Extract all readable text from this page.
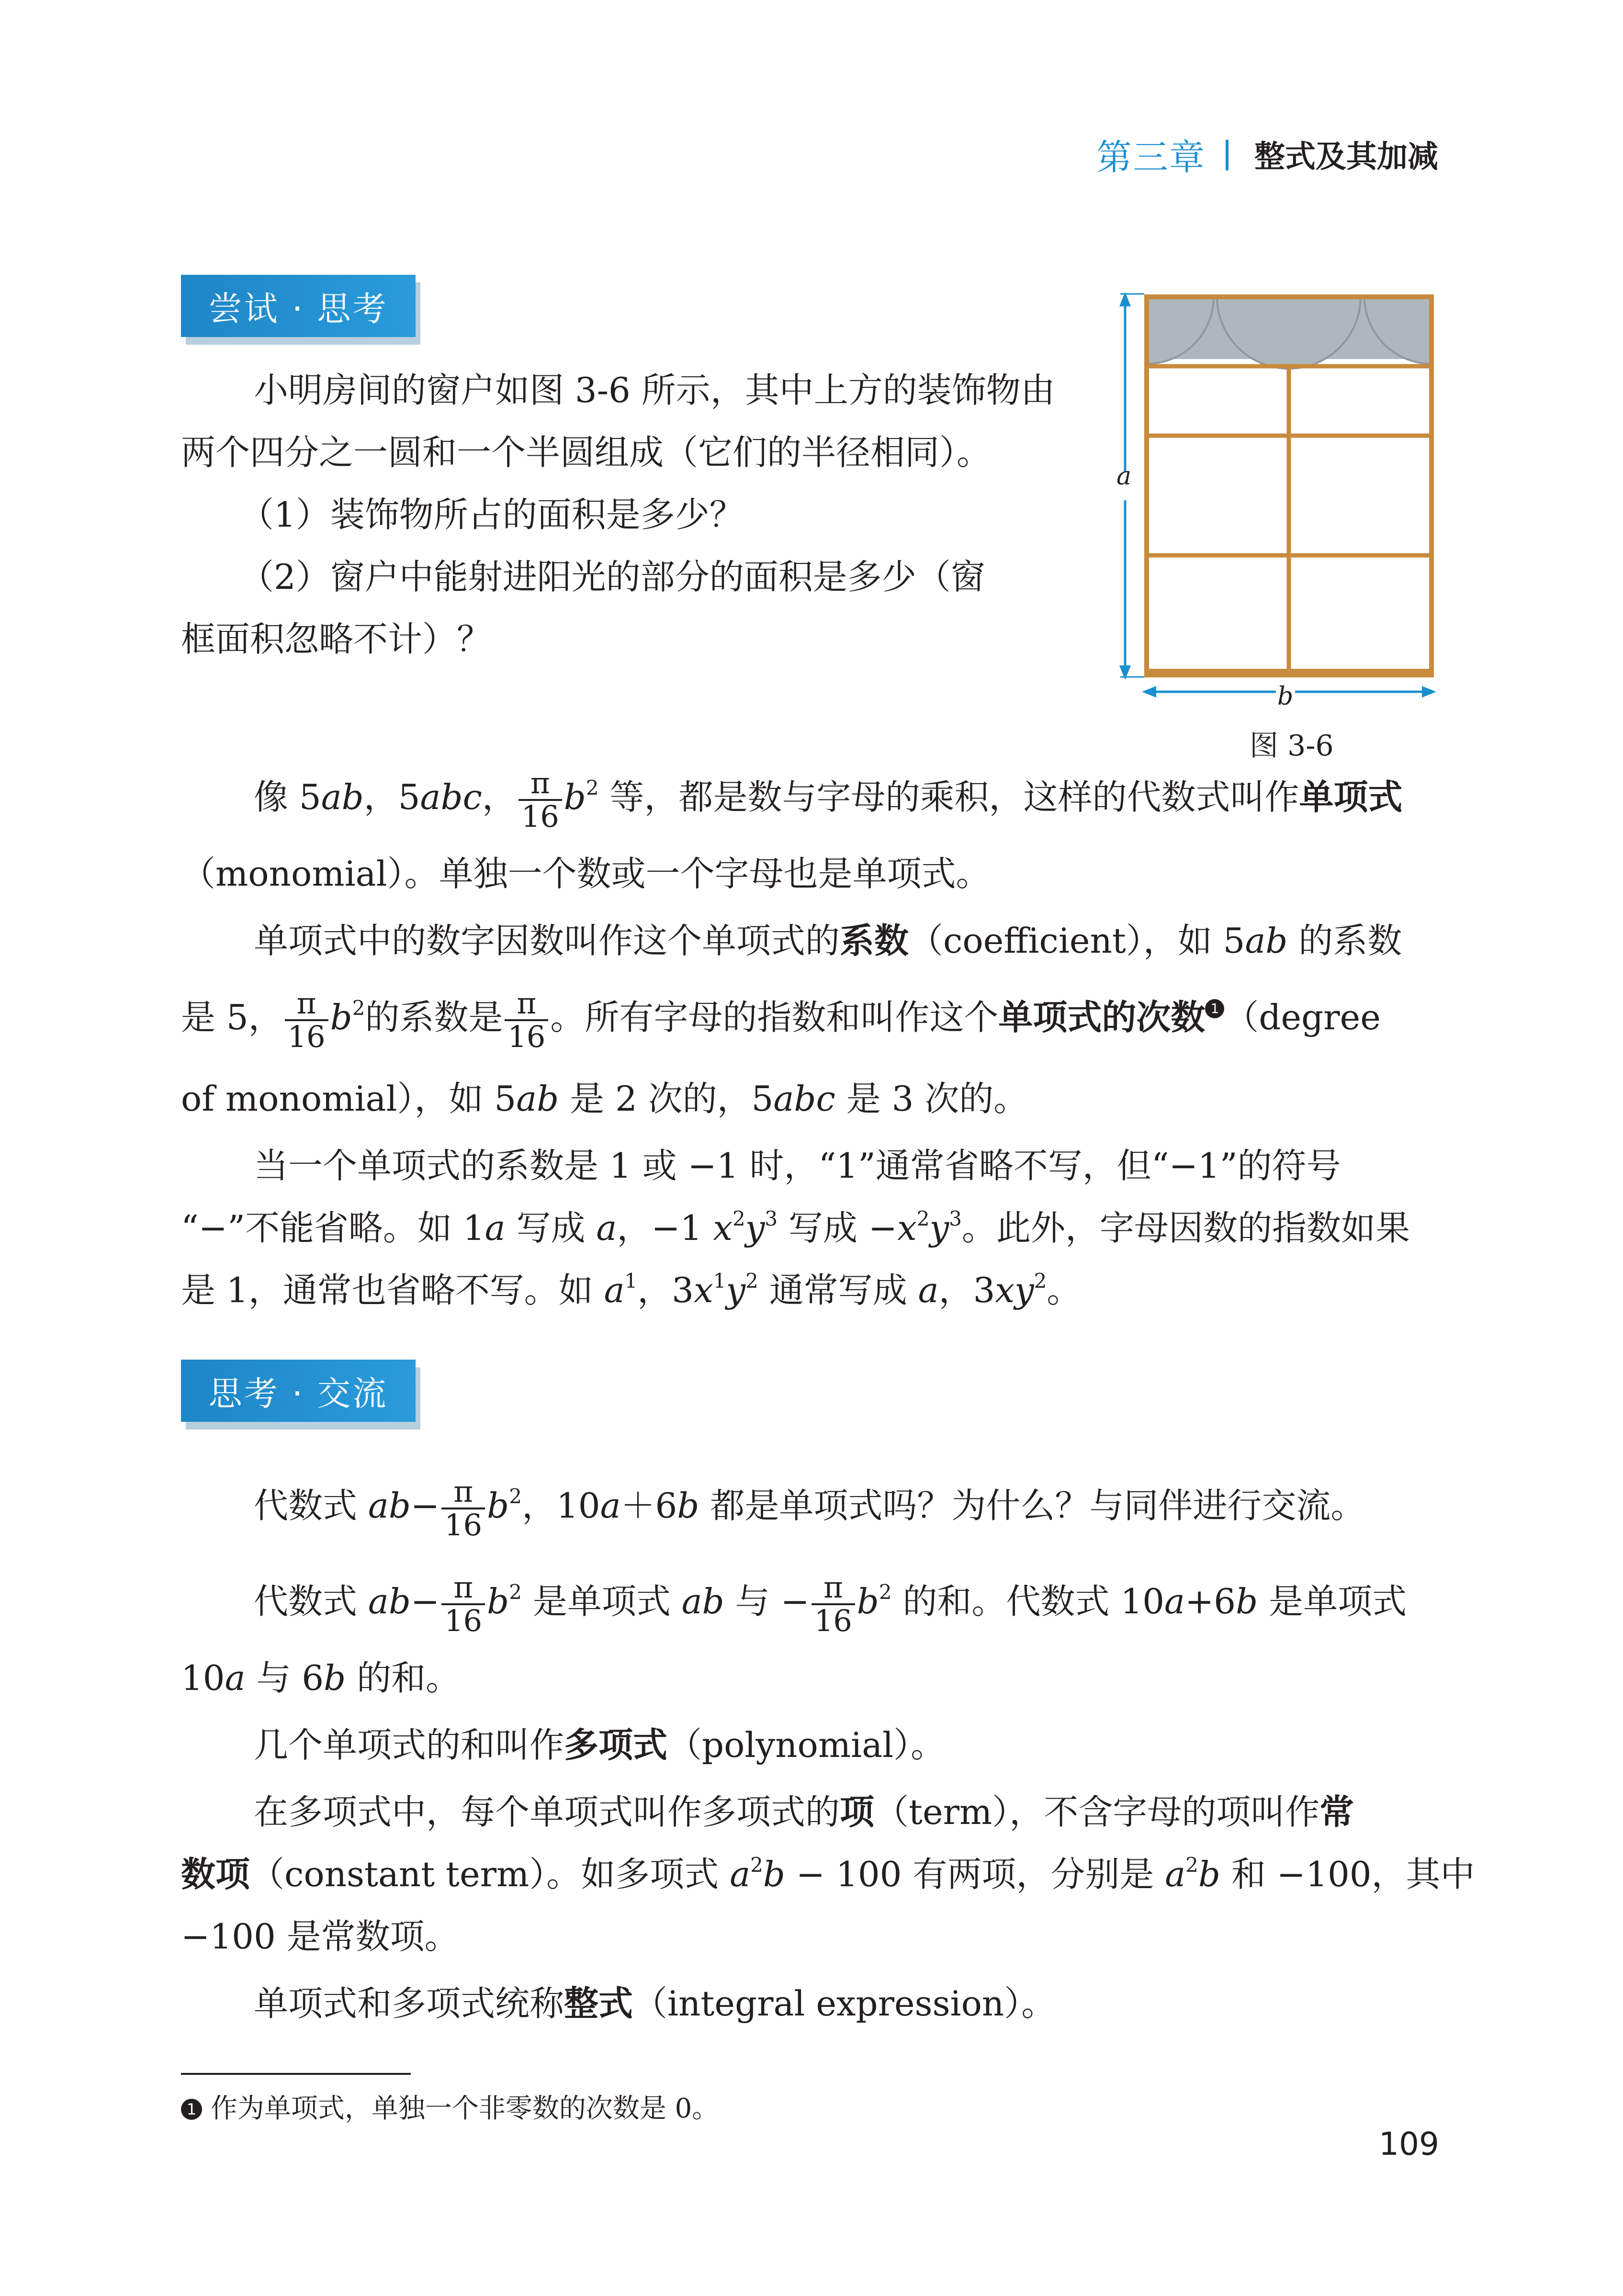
第三章 整式及其加减
尝试 · 思考
小明房间的窗户如图 3-6 所示，其中上方的装饰物由
两个四分之一圆和一个半圆组成（它们的半径相同）。
（1）装饰物所占的面积是多少？
（2）窗户中能射进阳光的部分的面积是多少（窗
框面积忽略不计）？
a
b
图 3-6
像 5ab，5abc， $\frac{\pi}{16} b^2$ 等，都是数与字母的乘积，这样的代数式叫作单项式
（monomial）。单独一个数或一个字母也是单项式。
单项式中的数字因数叫作这个单项式的系数（coefficient），如 5ab 的系数
是 5， $\frac{\pi}{16} b^2$的系数是 $\frac{\pi}{16}$ 。所有字母的指数和叫作这个单项式的次数 1 （degree
of monomial），如 5ab 是 2 次的，5abc 是 3 次的。
当一个单项式的系数是 1 或 −1 时，“1”通常省略不写，但“−1”的符号
“−”不能省略。如 1a 写成 a，−1 $x^2y^3$ 写成 $-x^2y^3$。此外，字母因数的指数如果
是 1，通常也省略不写。如 $a^1$，$3x^1y^2$ 通常写成 a，$3xy^2$。
思考 · 交流
代数式 $ab- \frac{\pi}{16} b^2$，10a＋6b 都是单项式吗？为什么？与同伴进行交流。
代数式 $ab- \frac{\pi}{16} b^2$ 是单项式 ab 与 − $\frac{\pi}{16} b^2$ 的和。代数式 10a+6b 是单项式
10a 与 6b 的和。
几个单项式的和叫作多项式（polynomial）。
在多项式中，每个单项式叫作多项式的项（term），不含字母的项叫作常
数项（constant term）。如多项式 $a^2b - 100$ 有两项，分别是 $a^2b$ 和 −100，其中
−100 是常数项。
单项式和多项式统称整式（integral expression）。
1 作为单项式，单独一个非零数的次数是 0。
109
